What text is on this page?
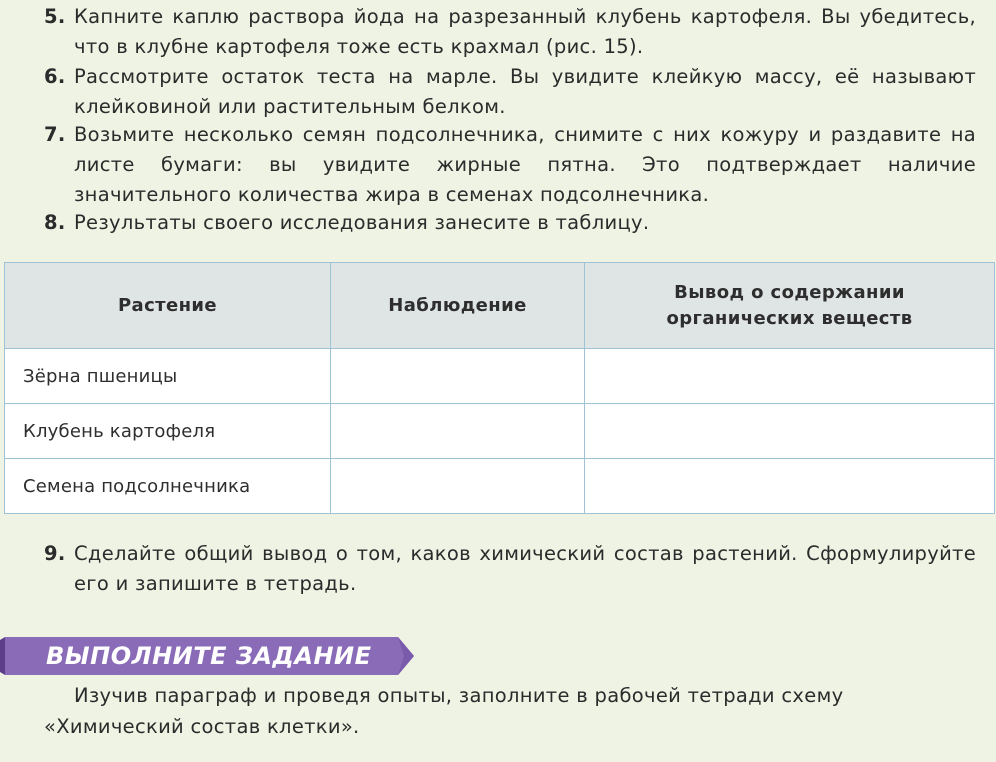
5. Капните каплю раствора йода на разрезанный клубень картофеля. Вы убедитесь, что в клубне картофеля тоже есть крахмал (рис. 15).
6. Рассмотрите остаток теста на марле. Вы увидите клейкую массу, её называют клейковиной или растительным белком.
7. Возьмите несколько семян подсолнечника, снимите с них кожуру и раздавите на листе бумаги: вы увидите жирные пятна. Это подтверждает наличие значительного количества жира в семенах подсолнечника.
8. Результаты своего исследования занесите в таблицу.
Растение	Наблюдение	Вывод о содержании органических веществ
Зёрна пшеницы		
Клубень картофеля		
Семена подсолнечника		
9. Сделайте общий вывод о том, каков химический состав растений. Сформулируйте его и запишите в тетрадь.
ВЫПОЛНИТЕ ЗАДАНИЕ
Изучив параграф и проведя опыты, заполните в рабочей тетради схему «Химический состав клетки».
